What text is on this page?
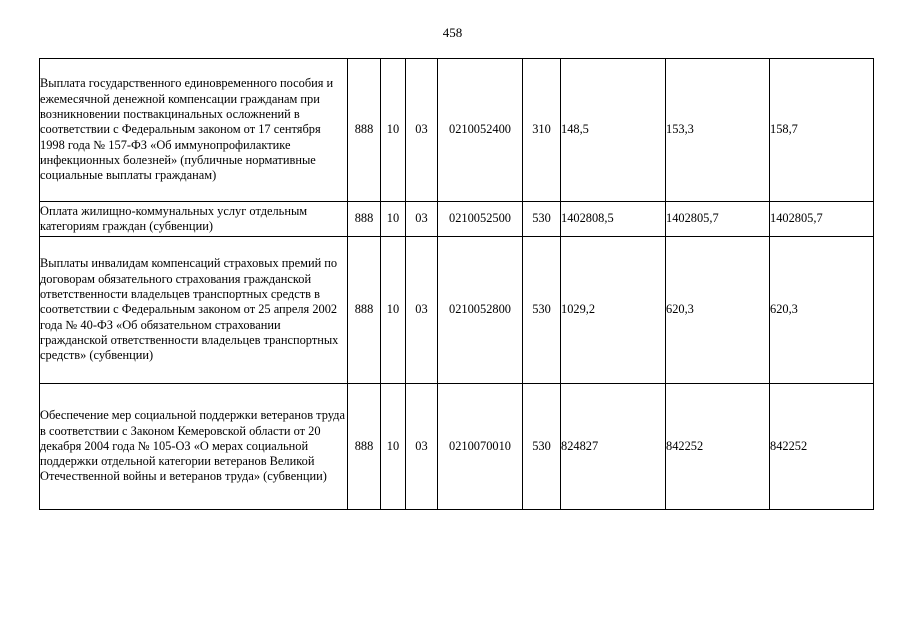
458
Выплата государственного единовременного пособия и ежемесячной денежной компенсации гражданам при возникновении поствакцинальных осложнений в соответствии с Федеральным законом от 17 сентября 1998 года № 157-ФЗ «Об иммунопрофилактике инфекционных болезней» (публичные нормативные социальные выплаты гражданам)	888	10	03	0210052400	310	148,5	153,3	158,7
Оплата жилищно-коммунальных услуг отдельным категориям граждан (субвенции)	888	10	03	0210052500	530	1402808,5	1402805,7	1402805,7
Выплаты инвалидам компенсаций страховых премий по договорам обязательного страхования гражданской ответственности владельцев транспортных средств в соответствии с Федеральным законом от 25 апреля 2002 года № 40-ФЗ «Об обязательном страховании гражданской ответственности владельцев транспортных средств» (субвенции)	888	10	03	0210052800	530	1029,2	620,3	620,3
Обеспечение мер социальной поддержки ветеранов труда в соответствии с Законом Кемеровской области от 20 декабря 2004 года № 105-ОЗ «О мерах социальной поддержки отдельной категории ветеранов Великой Отечественной войны и ветеранов труда» (субвенции)	888	10	03	0210070010	530	824827	842252	842252
